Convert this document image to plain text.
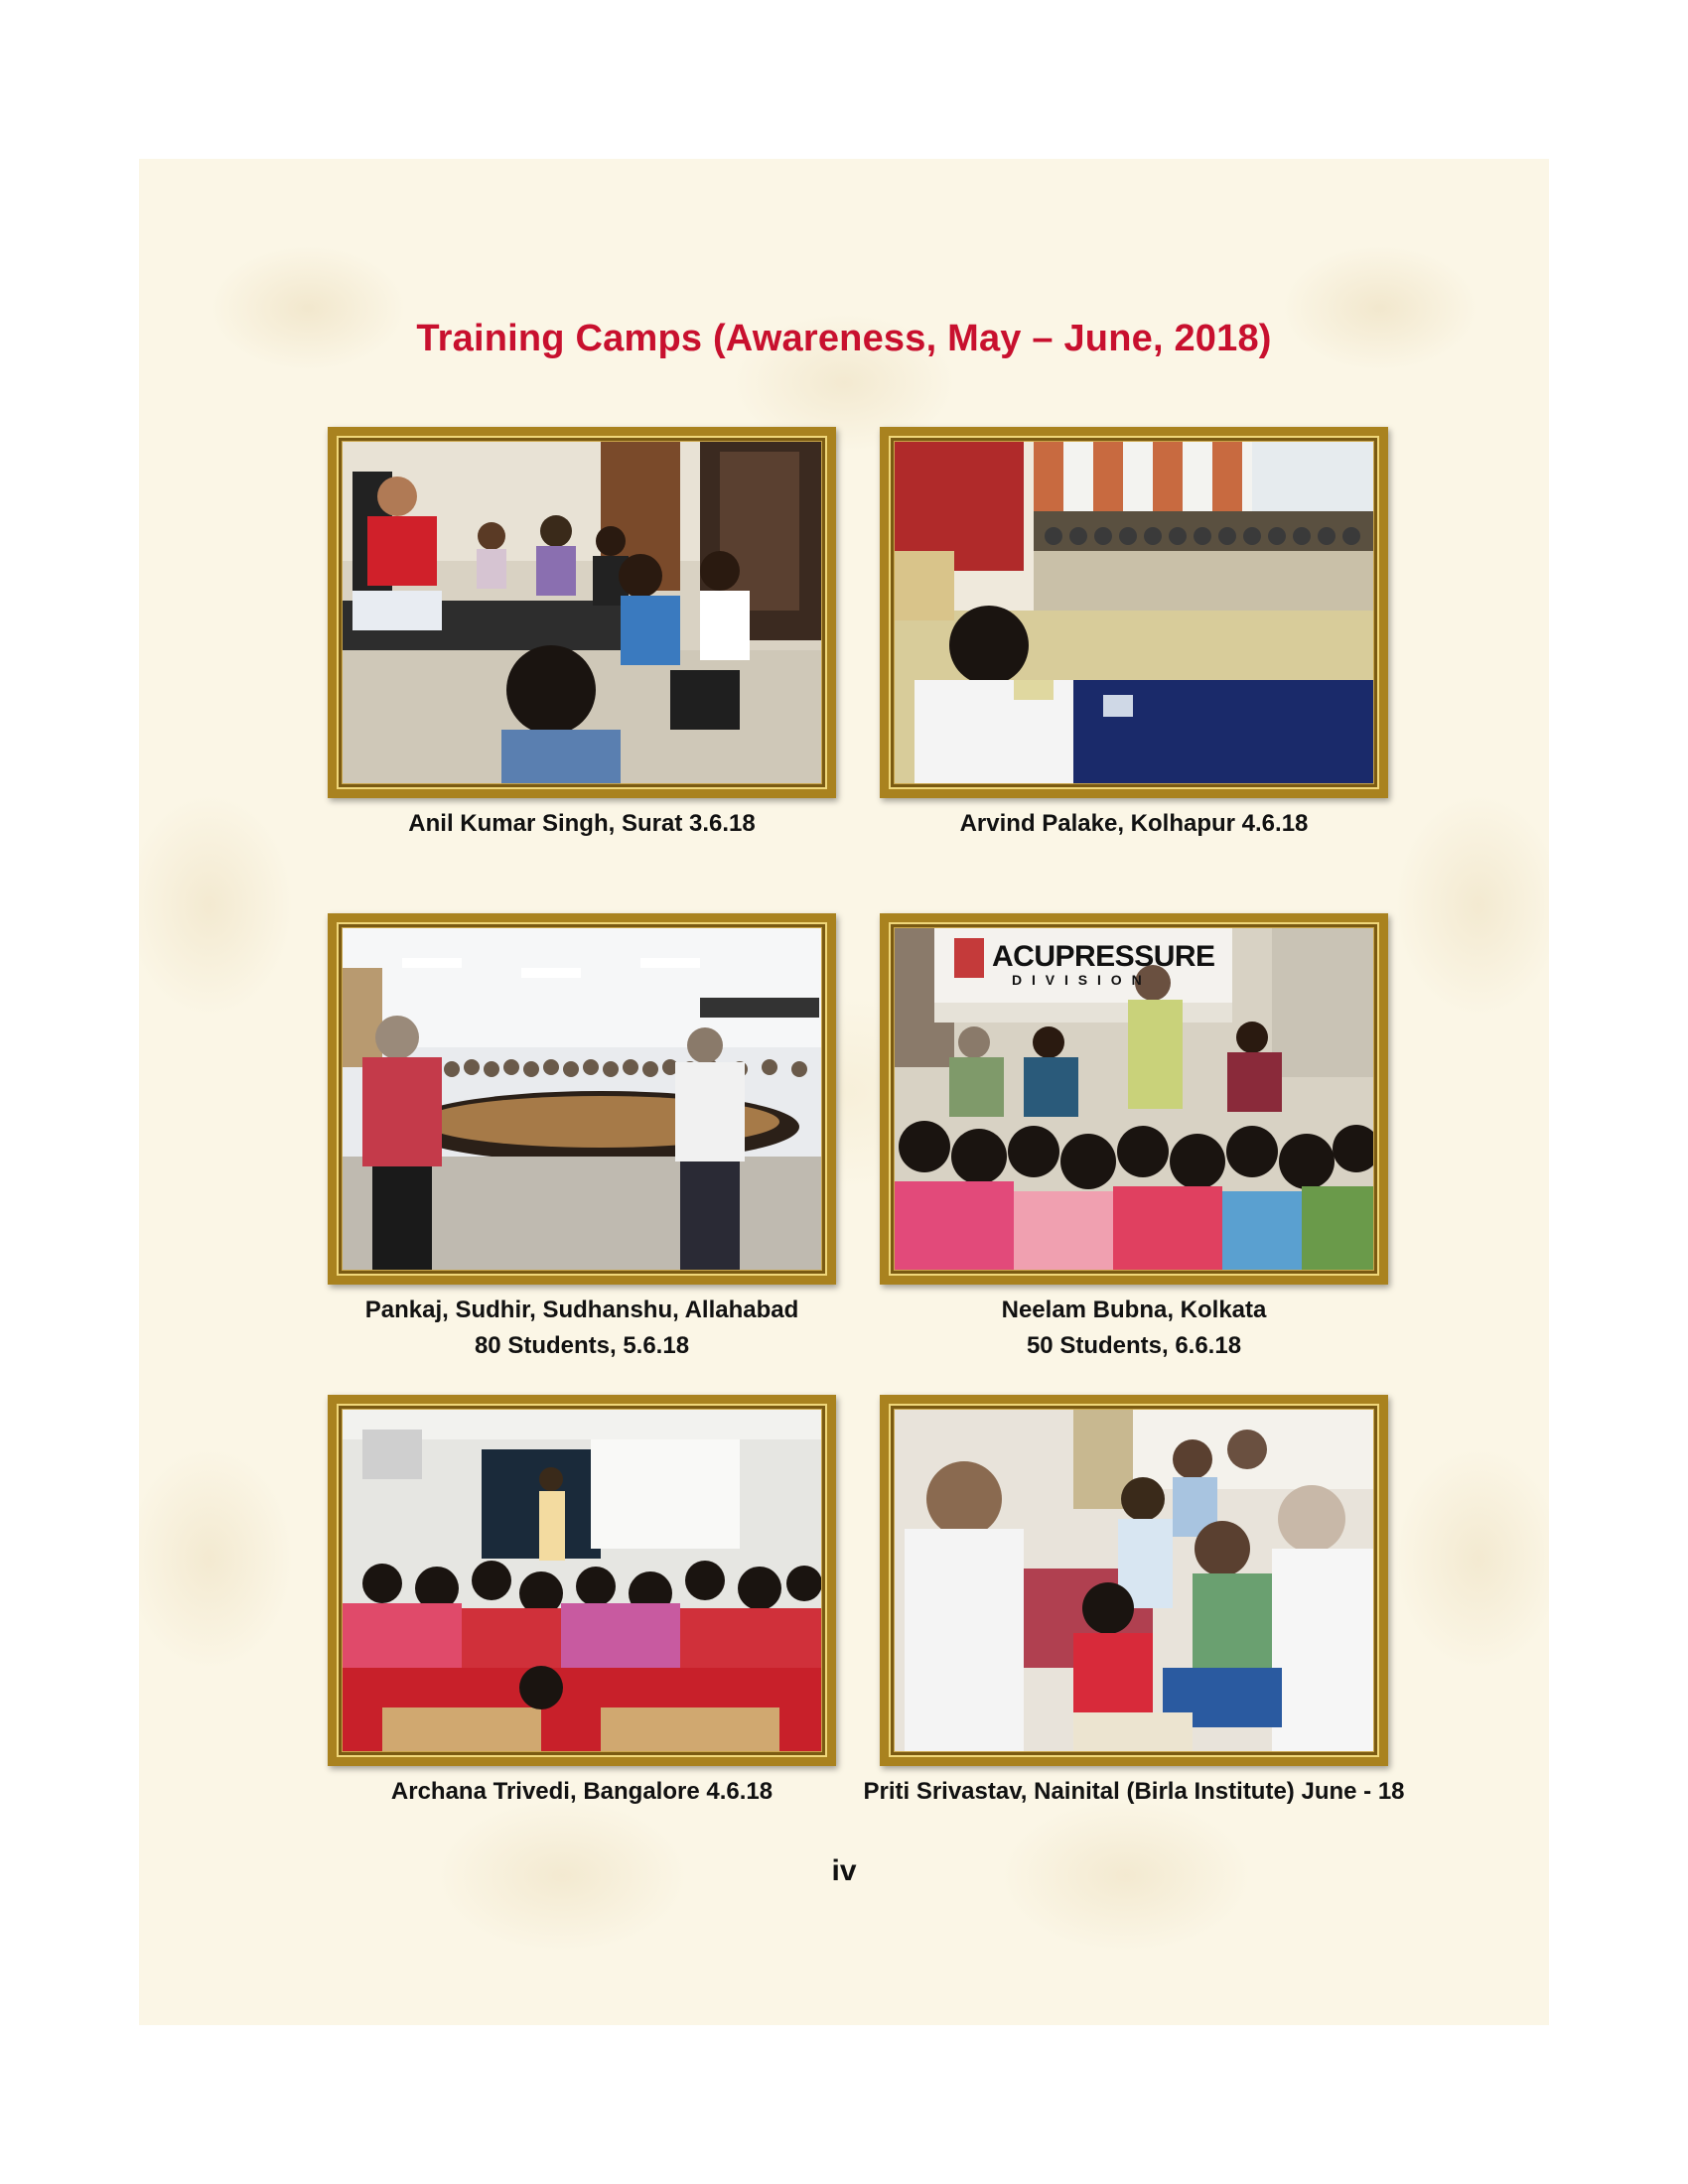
Training Camps (Awareness, May – June, 2018)
Anil Kumar Singh, Surat 3.6.18	Arvind Palake, Kolhapur 4.6.18
Pankaj, Sudhir, Sudhanshu, Allahabad
80 Students, 5.6.18
ACUPRESSURE
D I V I S I O N
Neelam Bubna, Kolkata
50 Students, 6.6.18
Archana Trivedi, Bangalore 4.6.18	Priti Srivastav, Nainital (Birla Institute) June - 18
iv
